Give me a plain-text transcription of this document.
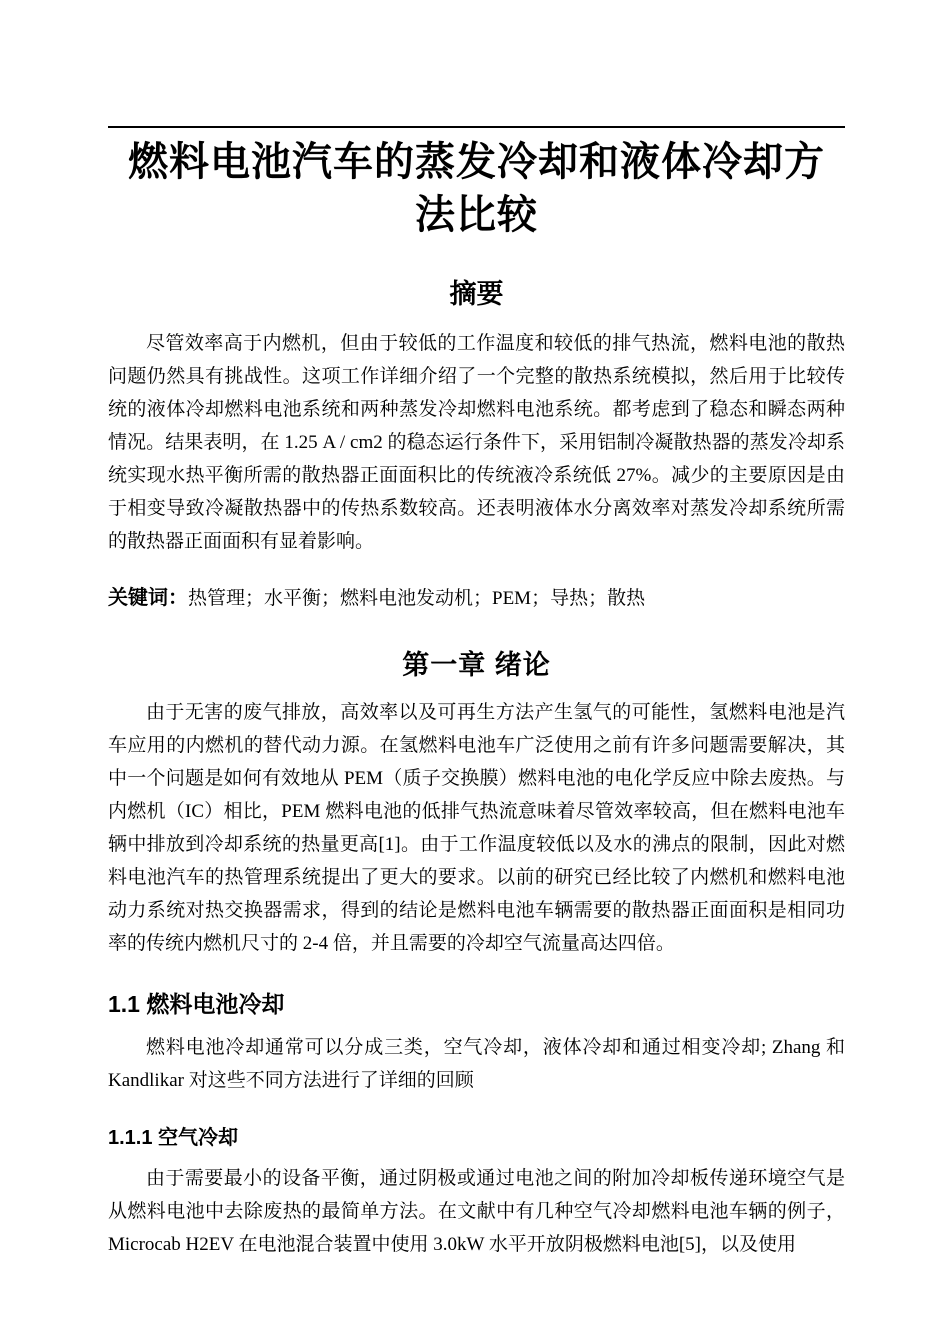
燃料电池汽车的蒸发冷却和液体冷却方法比较
摘要

尽管效率高于内燃机，但由于较低的工作温度和较低的排气热流，燃料电池的散热问题仍然具有挑战性。这项工作详细介绍了一个完整的散热系统模拟，然后用于比较传统的液体冷却燃料电池系统和两种蒸发冷却燃料电池系统。都考虑到了稳态和瞬态两种情况。结果表明，在 1.25 A / cm2 的稳态运行条件下，采用铝制冷凝散热器的蒸发冷却系统实现水热平衡所需的散热器正面面积比的传统液冷系统低 27%。减少的主要原因是由于相变导致冷凝散热器中的传热系数较高。还表明液体水分离效率对蒸发冷却系统所需的散热器正面面积有显着影响。

关键词：热管理；水平衡；燃料电池发动机；PEM；导热；散热

第一章 绪论

由于无害的废气排放，高效率以及可再生方法产生氢气的可能性，氢燃料电池是汽车应用的内燃机的替代动力源。在氢燃料电池车广泛使用之前有许多问题需要解决，其中一个问题是如何有效地从 PEM（质子交换膜）燃料电池的电化学反应中除去废热。与内燃机（IC）相比，PEM 燃料电池的低排气热流意味着尽管效率较高，但在燃料电池车辆中排放到冷却系统的热量更高[1]。由于工作温度较低以及水的沸点的限制，因此对燃料电池汽车的热管理系统提出了更大的要求。以前的研究已经比较了内燃机和燃料电池动力系统对热交换器需求，得到的结论是燃料电池车辆需要的散热器正面面积是相同功率的传统内燃机尺寸的 2-4 倍，并且需要的冷却空气流量高达四倍。

1.1 燃料电池冷却

燃料电池冷却通常可以分成三类，空气冷却，液体冷却和通过相变冷却; Zhang 和 Kandlikar 对这些不同方法进行了详细的回顾

1.1.1 空气冷却

由于需要最小的设备平衡，通过阴极或通过电池之间的附加冷却板传递环境空气是从燃料电池中去除废热的最简单方法。在文献中有几种空气冷却燃料电池车辆的例子，Microcab H2EV 在电池混合装置中使用 3.0kW 水平开放阴极燃料电池[5]，以及使用
